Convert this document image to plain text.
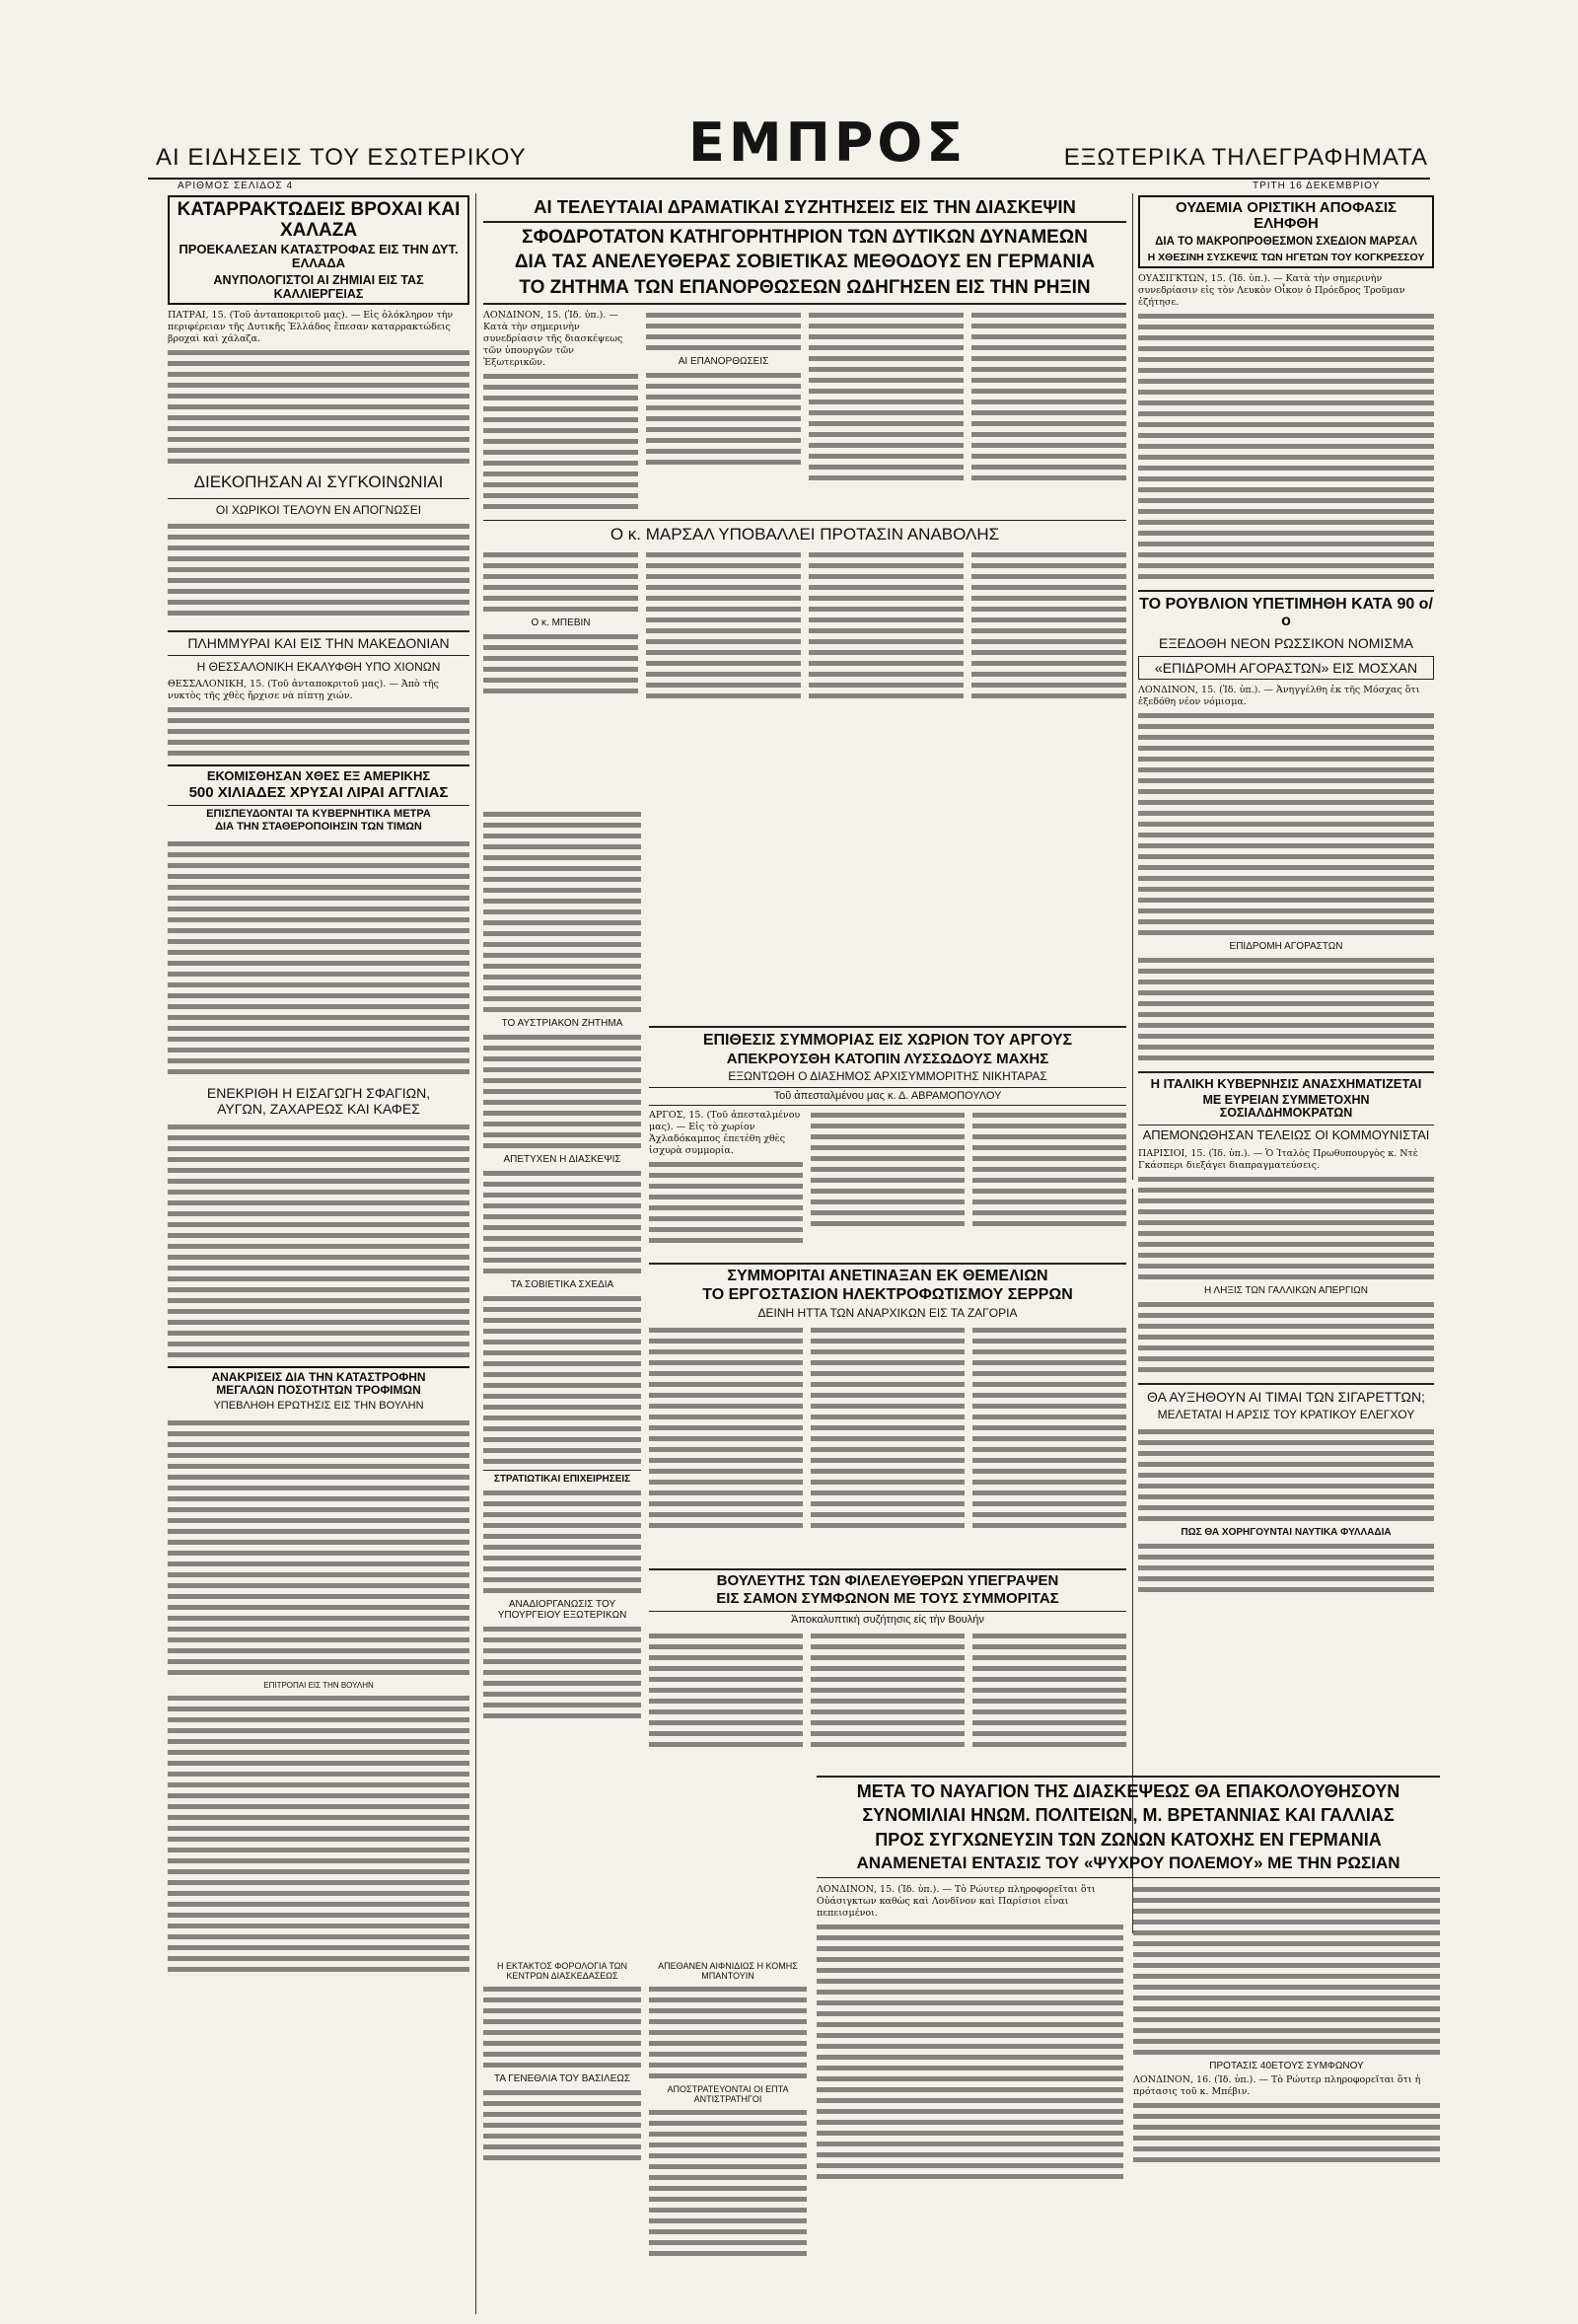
ΑΙ ΕΙΔΗΣΕΙΣ ΤΟΥ ΕΣΩΤΕΡΙΚΟΥ	ΕΜΠΡΟΣ	ΕΞΩΤΕΡΙΚΑ ΤΗΛΕΓΡΑΦΗΜΑΤΑ
ΑΡΙΘΜΟΣ ΣΕΛΙΔΟΣ 4	ΤΡΙΤΗ 16 ΔΕΚΕΜΒΡΙΟΥ

ΚΑΤΑΡΡΑΚΤΩΔΕΙΣ ΒΡΟΧΑΙ ΚΑΙ ΧΑΛΑΖΑ

ΠΡΟΕΚΑΛΕΣΑΝ ΚΑΤΑΣΤΡΟΦΑΣ ΕΙΣ ΤΗΝ ΔΥΤ. ΕΛΛΑΔΑ

ΑΝΥΠΟΛΟΓΙΣΤΟΙ ΑΙ ΖΗΜΙΑΙ ΕΙΣ ΤΑΣ ΚΑΛΛΙΕΡΓΕΙΑΣ

ΠΑΤΡΑΙ, 15. (Τοῦ ἀνταποκριτοῦ μας). — Εἰς ὁλόκληρον τὴν περιφέρειαν τῆς Δυτικῆς Ἑλλάδος ἔπεσαν καταρρακτώδεις βροχαὶ καὶ χάλαζα.

ΔΙΕΚΟΠΗΣΑΝ ΑΙ ΣΥΓΚΟΙΝΩΝΙΑΙ

ΟΙ ΧΩΡΙΚΟΙ ΤΕΛΟΥΝ ΕΝ ΑΠΟΓΝΩΣΕΙ

ΠΛΗΜΜΥΡΑΙ ΚΑΙ ΕΙΣ ΤΗΝ ΜΑΚΕΔΟΝΙΑΝ

Η ΘΕΣΣΑΛΟΝΙΚΗ ΕΚΑΛΥΦΘΗ ΥΠΟ ΧΙΟΝΩΝ

ΘΕΣΣΑΛΟΝΙΚΗ, 15. (Τοῦ ἀνταποκριτοῦ μας). — Ἀπὸ τῆς νυκτὸς τῆς χθὲς ἤρχισε νὰ πίπτῃ χιών.

ΕΚΟΜΙΣΘΗΣΑΝ ΧΘΕΣ ΕΞ ΑΜΕΡΙΚΗΣ

500 ΧΙΛΙΑΔΕΣ ΧΡΥΣΑΙ ΛΙΡΑΙ ΑΓΓΛΙΑΣ

ΕΠΙΣΠΕΥΔΟΝΤΑΙ ΤΑ ΚΥΒΕΡΝΗΤΙΚΑ ΜΕΤΡΑ

ΔΙΑ ΤΗΝ ΣΤΑΘΕΡΟΠΟΙΗΣΙΝ ΤΩΝ ΤΙΜΩΝ

ΕΝΕΚΡΙΘΗ Η ΕΙΣΑΓΩΓΗ ΣΦΑΓΙΩΝ,

ΑΥΓΩΝ, ΖΑΧΑΡΕΩΣ ΚΑΙ ΚΑΦΕΣ

ΑΝΑΚΡΙΣΕΙΣ ΔΙΑ ΤΗΝ ΚΑΤΑΣΤΡΟΦΗΝ

ΜΕΓΑΛΩΝ ΠΟΣΟΤΗΤΩΝ ΤΡΟΦΙΜΩΝ

ΥΠΕΒΛΗΘΗ ΕΡΩΤΗΣΙΣ ΕΙΣ ΤΗΝ ΒΟΥΛΗΝ

ΕΠΙΤΡΟΠΑΙ ΕΙΣ ΤΗΝ ΒΟΥΛΗΝ

ΑΙ ΤΕΛΕΥΤΑΙΑΙ ΔΡΑΜΑΤΙΚΑΙ ΣΥΖΗΤΗΣΕΙΣ ΕΙΣ ΤΗΝ ΔΙΑΣΚΕΨΙΝ

ΣΦΟΔΡΟΤΑΤΟΝ ΚΑΤΗΓΟΡΗΤΗΡΙΟΝ ΤΩΝ ΔΥΤΙΚΩΝ ΔΥΝΑΜΕΩΝ

ΔΙΑ ΤΑΣ ΑΝΕΛΕΥΘΕΡΑΣ ΣΟΒΙΕΤΙΚΑΣ ΜΕΘΟΔΟΥΣ ΕΝ ΓΕΡΜΑΝΙΑ

ΤΟ ΖΗΤΗΜΑ ΤΩΝ ΕΠΑΝΟΡΘΩΣΕΩΝ ΩΔΗΓΗΣΕΝ ΕΙΣ ΤΗΝ ΡΗΞΙΝ

ΛΟΝΔΙΝΟΝ, 15. (Ἰδ. ὑπ.). — Κατὰ τὴν σημερινὴν συνεδρίασιν τῆς διασκέψεως τῶν ὑπουργῶν τῶν Ἐξωτερικῶν.	ΑΙ ΕΠΑΝΟΡΘΩΣΕΙΣ

Ο κ. ΜΑΡΣΑΛ ΥΠΟΒΑΛΛΕΙ ΠΡΟΤΑΣΙΝ ΑΝΑΒΟΛΗΣ

Ο κ. ΜΠΕΒΙΝ

ΤΟ ΑΥΣΤΡΙΑΚΟΝ ΖΗΤΗΜΑ

ΑΠΕΤΥΧΕΝ Η ΔΙΑΣΚΕΨΙΣ

ΤΑ ΣΟΒΙΕΤΙΚΑ ΣΧΕΔΙΑ

ΣΤΡΑΤΙΩΤΙΚΑΙ ΕΠΙΧΕΙΡΗΣΕΙΣ

ΑΝΑΔΙΟΡΓΑΝΩΣΙΣ ΤΟΥ ΥΠΟΥΡΓΕΙΟΥ ΕΞΩΤΕΡΙΚΩΝ

ΕΠΙΘΕΣΙΣ ΣΥΜΜΟΡΙΑΣ ΕΙΣ ΧΩΡΙΟΝ ΤΟΥ ΑΡΓΟΥΣ

ΑΠΕΚΡΟΥΣΘΗ ΚΑΤΟΠΙΝ ΛΥΣΣΩΔΟΥΣ ΜΑΧΗΣ

ΕΞΩΝΤΩΘΗ Ο ΔΙΑΣΗΜΟΣ ΑΡΧΙΣΥΜΜΟΡΙΤΗΣ ΝΙΚΗΤΑΡΑΣ

Τοῦ ἀπεσταλμένου μας κ. Δ. ΑΒΡΑΜΟΠΟΥΛΟΥ

ΑΡΓΟΣ, 15. (Τοῦ ἀπεσταλμένου μας). — Εἰς τὸ χωρίον Ἀχλαδόκαμπος ἐπετέθη χθὲς ἰσχυρὰ συμμορία.

ΣΥΜΜΟΡΙΤΑΙ ΑΝΕΤΙΝΑΞΑΝ ΕΚ ΘΕΜΕΛΙΩΝ

ΤΟ ΕΡΓΟΣΤΑΣΙΟΝ ΗΛΕΚΤΡΟΦΩΤΙΣΜΟΥ ΣΕΡΡΩΝ

ΔΕΙΝΗ ΗΤΤΑ ΤΩΝ ΑΝΑΡΧΙΚΩΝ ΕΙΣ ΤΑ ΖΑΓΟΡΙΑ

ΒΟΥΛΕΥΤΗΣ ΤΩΝ ΦΙΛΕΛΕΥΘΕΡΩΝ ΥΠΕΓΡΑΨΕΝ

ΕΙΣ ΣΑΜΟΝ ΣΥΜΦΩΝΟΝ ΜΕ ΤΟΥΣ ΣΥΜΜΟΡΙΤΑΣ

Ἀποκαλυπτικὴ συζήτησις εἰς τὴν Βουλήν

Η ΕΚΤΑΚΤΟΣ ΦΟΡΟΛΟΓΙΑ ΤΩΝ ΚΕΝΤΡΩΝ ΔΙΑΣΚΕΔΑΣΕΩΣ

ΤΑ ΓΕΝΕΘΛΙΑ ΤΟΥ ΒΑΣΙΛΕΩΣ

ΑΠΕΘΑΝΕΝ ΑΙΦΝΙΔΙΩΣ Η ΚΟΜΗΣ ΜΠΑΝΤΟΥΙΝ

ΑΠΟΣΤΡΑΤΕΥΟΝΤΑΙ ΟΙ ΕΠΤΑ ΑΝΤΙΣΤΡΑΤΗΓΟΙ

ΜΕΤΑ ΤΟ ΝΑΥΑΓΙΟΝ ΤΗΣ ΔΙΑΣΚΕΨΕΩΣ ΘΑ ΕΠΑΚΟΛΟΥΘΗΣΟΥΝ

ΣΥΝΟΜΙΛΙΑΙ ΗΝΩΜ. ΠΟΛΙΤΕΙΩΝ, Μ. ΒΡΕΤΑΝΝΙΑΣ ΚΑΙ ΓΑΛΛΙΑΣ

ΠΡΟΣ ΣΥΓΧΩΝΕΥΣΙΝ ΤΩΝ ΖΩΝΩΝ ΚΑΤΟΧΗΣ ΕΝ ΓΕΡΜΑΝΙΑ

ΑΝΑΜΕΝΕΤΑΙ ΕΝΤΑΣΙΣ ΤΟΥ «ΨΥΧΡΟΥ ΠΟΛΕΜΟΥ» ΜΕ ΤΗΝ ΡΩΣΙΑΝ

ΛΟΝΔΙΝΟΝ, 15. (Ἰδ. ὑπ.). — Τὸ Ρώυτερ πληροφορεῖται ὅτι Οὐάσιγκτων καθὼς καὶ Λονδῖνον καὶ Παρίσιοι εἶναι πεπεισμένοι.

ΠΡΟΤΑΣΙΣ 40ΕΤΟΥΣ ΣΥΜΦΩΝΟΥ

ΛΟΝΔΙΝΟΝ, 16. (Ἰδ. ὑπ.). — Τὸ Ρώυτερ πληροφορεῖται ὅτι ἡ πρότασις τοῦ κ. Μπέβιν.

ΟΥΔΕΜΙΑ ΟΡΙΣΤΙΚΗ ΑΠΟΦΑΣΙΣ ΕΛΗΦΘΗ

ΔΙΑ ΤΟ ΜΑΚΡΟΠΡΟΘΕΣΜΟΝ ΣΧΕΔΙΟΝ ΜΑΡΣΑΛ

Η ΧΘΕΣΙΝΗ ΣΥΣΚΕΨΙΣ ΤΩΝ ΗΓΕΤΩΝ ΤΟΥ ΚΟΓΚΡΕΣΣΟΥ

ΟΥΑΣΙΓΚΤΩΝ, 15. (Ἰδ. ὑπ.). — Κατὰ τὴν σημερινὴν συνεδρίασιν εἰς τὸν Λευκὸν Οἶκον ὁ Πρόεδρος Τροῦμαν ἐζήτησε.

ΤΟ ΡΟΥΒΛΙΟΝ ΥΠΕΤΙΜΗΘΗ ΚΑΤΑ 90 ο/ο

ΕΞΕΔΟΘΗ ΝΕΟΝ ΡΩΣΣΙΚΟΝ ΝΟΜΙΣΜΑ

«ΕΠΙΔΡΟΜΗ ΑΓΟΡΑΣΤΩΝ» ΕΙΣ ΜΟΣΧΑΝ

ΛΟΝΔΙΝΟΝ, 15. (Ἰδ. ὑπ.). — Ἀνηγγέλθη ἐκ τῆς Μόσχας ὅτι ἐξεδόθη νέον νόμισμα.

ΕΠΙΔΡΟΜΗ ΑΓΟΡΑΣΤΩΝ

Η ΙΤΑΛΙΚΗ ΚΥΒΕΡΝΗΣΙΣ ΑΝΑΣΧΗΜΑΤΙΖΕΤΑΙ

ΜΕ ΕΥΡΕΙΑΝ ΣΥΜΜΕΤΟΧΗΝ ΣΟΣΙΑΛΔΗΜΟΚΡΑΤΩΝ

ΑΠΕΜΟΝΩΘΗΣΑΝ ΤΕΛΕΙΩΣ ΟΙ ΚΟΜΜΟΥΝΙΣΤΑΙ

ΠΑΡΙΣΙΟΙ, 15. (Ἰδ. ὑπ.). — Ὁ Ἰταλὸς Πρωθυπουργὸς κ. Ντὲ Γκάσπερι διεξάγει διαπραγματεύσεις.

Η ΛΗΞΙΣ ΤΩΝ ΓΑΛΛΙΚΩΝ ΑΠΕΡΓΙΩΝ

ΘΑ ΑΥΞΗΘΟΥΝ ΑΙ ΤΙΜΑΙ ΤΩΝ ΣΙΓΑΡΕΤΤΩΝ;

ΜΕΛΕΤΑΤΑΙ Η ΑΡΣΙΣ ΤΟΥ ΚΡΑΤΙΚΟΥ ΕΛΕΓΧΟΥ

ΠΩΣ ΘΑ ΧΟΡΗΓΟΥΝΤΑΙ ΝΑΥΤΙΚΑ ΦΥΛΛΑΔΙΑ
